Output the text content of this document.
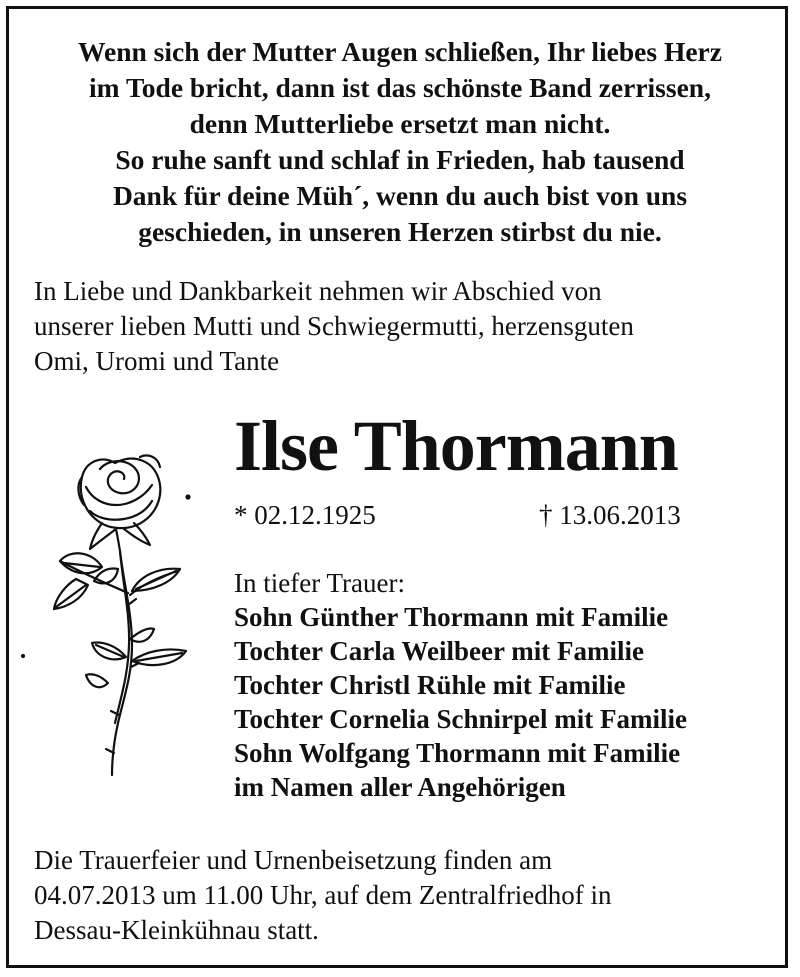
Wenn sich der Mutter Augen schließen, Ihr liebes Herz
im Tode bricht, dann ist das schönste Band zerrissen,
denn Mutterliebe ersetzt man nicht.
So ruhe sanft und schlaf in Frieden, hab tausend
Dank für deine Müh´, wenn du auch bist von uns
geschieden, in unseren Herzen stirbst du nie.
In Liebe und Dankbarkeit nehmen wir Abschied von
unserer lieben Mutti und Schwiegermutti, herzensguten
Omi, Uromi und Tante
Ilse Thormann
* 02.12.1925	† 13.06.2013
In tiefer Trauer:
Sohn Günther Thormann mit Familie
Tochter Carla Weilbeer mit Familie
Tochter Christl Rühle mit Familie
Tochter Cornelia Schnirpel mit Familie
Sohn Wolfgang Thormann mit Familie
im Namen aller Angehörigen
Die Trauerfeier und Urnenbeisetzung finden am
04.07.2013 um 11.00 Uhr, auf dem Zentralfriedhof in
Dessau-Kleinkühnau statt.
